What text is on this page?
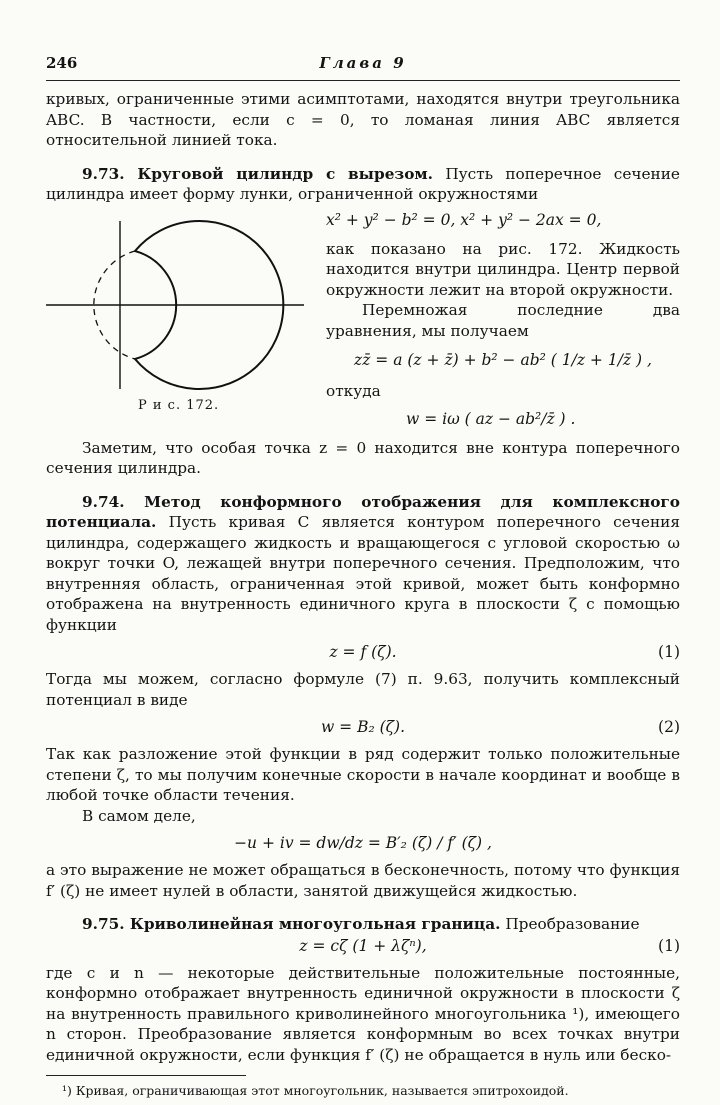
246	Глава 9

кривых, ограниченные этими асимптотами, находятся внутри треугольника ABC. В частности, если c = 0, то ломаная линия ABC является относительной линией тока.

9.73. Круговой цилиндр с вырезом. Пусть поперечное сечение цилиндра имеет форму лунки, ограниченной окружностями

Р и с. 172.
x² + y² − b² = 0, x² + y² − 2ax = 0,

как показано на рис. 172. Жидкость находится внутри цилиндра. Центр первой окружности лежит на второй окружности.

Перемножая последние два уравнения, мы получаем

zz̄ = a (z + z̄) + b² − ab² ( 1/z + 1/z̄ ) ,

откуда

w = iω ( az − ab²/z̄ ) .

Заметим, что особая точка z = 0 находится вне контура поперечного сечения цилиндра.

9.74. Метод конформного отображения для комплексного потенциала. Пусть кривая C является контуром поперечного сечения цилиндра, содержащего жидкость и вращающегося с угловой скоростью ω вокруг точки O, лежащей внутри поперечного сечения. Предположим, что внутренняя область, ограниченная этой кривой, может быть конформно отображена на внутренность единичного круга в плоскости ζ с помощью функции

z = f (ζ).	(1)

Тогда мы можем, согласно формуле (7) п. 9.63, получить комплексный потенциал в виде

w = B₂ (ζ).	(2)

Так как разложение этой функции в ряд содержит только положительные степени ζ, то мы получим конечные скорости в начале координат и вообще в любой точке области течения.

В самом деле,

−u + iv = dw/dz = B′₂ (ζ) / f′ (ζ) ,

а это выражение не может обращаться в бесконечность, потому что функция f′ (ζ) не имеет нулей в области, занятой движущейся жидкостью.

9.75. Криволинейная многоугольная граница. Преобразование

z = cζ (1 + λζⁿ),	(1)

где c и n — некоторые действительные положительные постоянные, конформно отображает внутренность единичной окружности в плоскости ζ на внутренность правильного криволинейного многоугольника ¹), имеющего n сторон. Преобразование является конформным во всех точках внутри единичной окружности, если функция f′ (ζ) не обращается в нуль или беско-

¹) Кривая, ограничивающая этот многоугольник, называется эпитрохоидой.
